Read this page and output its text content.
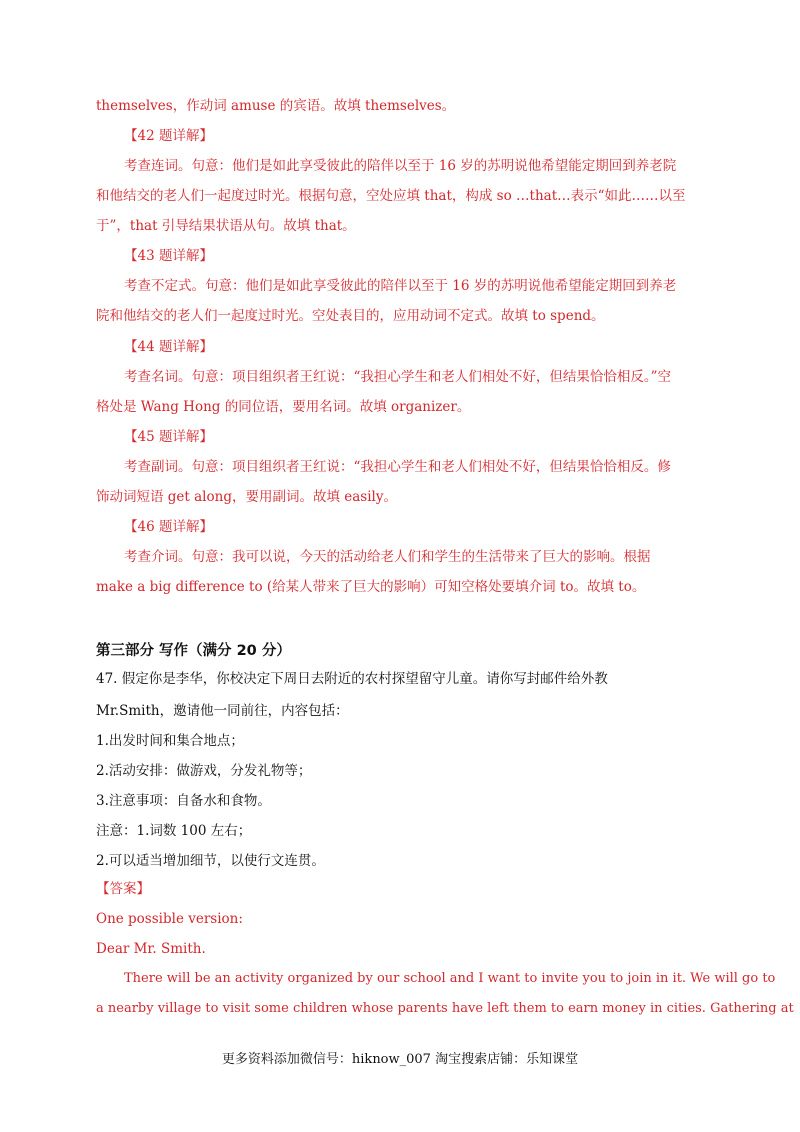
themselves，作动词 amuse 的宾语。故填 themselves。
【42 题详解】
考查连词。句意：他们是如此享受彼此的陪伴以至于 16 岁的苏明说他希望能定期回到养老院
和他结交的老人们一起度过时光。根据句意，空处应填 that，构成 so …that…表示“如此……以至
于”，that 引导结果状语从句。故填 that。
【43 题详解】
考查不定式。句意：他们是如此享受彼此的陪伴以至于 16 岁的苏明说他希望能定期回到养老
院和他结交的老人们一起度过时光。空处表目的，应用动词不定式。故填 to spend。
【44 题详解】
考查名词。句意：项目组织者王红说：“我担心学生和老人们相处不好，但结果恰恰相反。”空
格处是 Wang Hong 的同位语，要用名词。故填 organizer。
【45 题详解】
考查副词。句意：项目组织者王红说：“我担心学生和老人们相处不好，但结果恰恰相反。修
饰动词短语 get along，要用副词。故填 easily。
【46 题详解】
考查介词。句意：我可以说，今天的活动给老人们和学生的生活带来了巨大的影响。根据
make a big difference to (给某人带来了巨大的影响）可知空格处要填介词 to。故填 to。
第三部分 写作（满分 20 分）
47. 假定你是李华，你校决定下周日去附近的农村探望留守儿童。请你写封邮件给外教
Mr.Smith，邀请他一同前往，内容包括：
1.出发时间和集合地点；
2.活动安排：做游戏，分发礼物等；
3.注意事项：自备水和食物。
注意：1.词数 100 左右；
2.可以适当增加细节，以使行文连贯。
【答案】
One possible version:
Dear Mr. Smith.
There will be an activity organized by our school and I want to invite you to join in it. We will go to
a nearby village to visit some children whose parents have left them to earn money in cities. Gathering at
更多资料添加微信号：hiknow_007 淘宝搜索店铺：乐知课堂
